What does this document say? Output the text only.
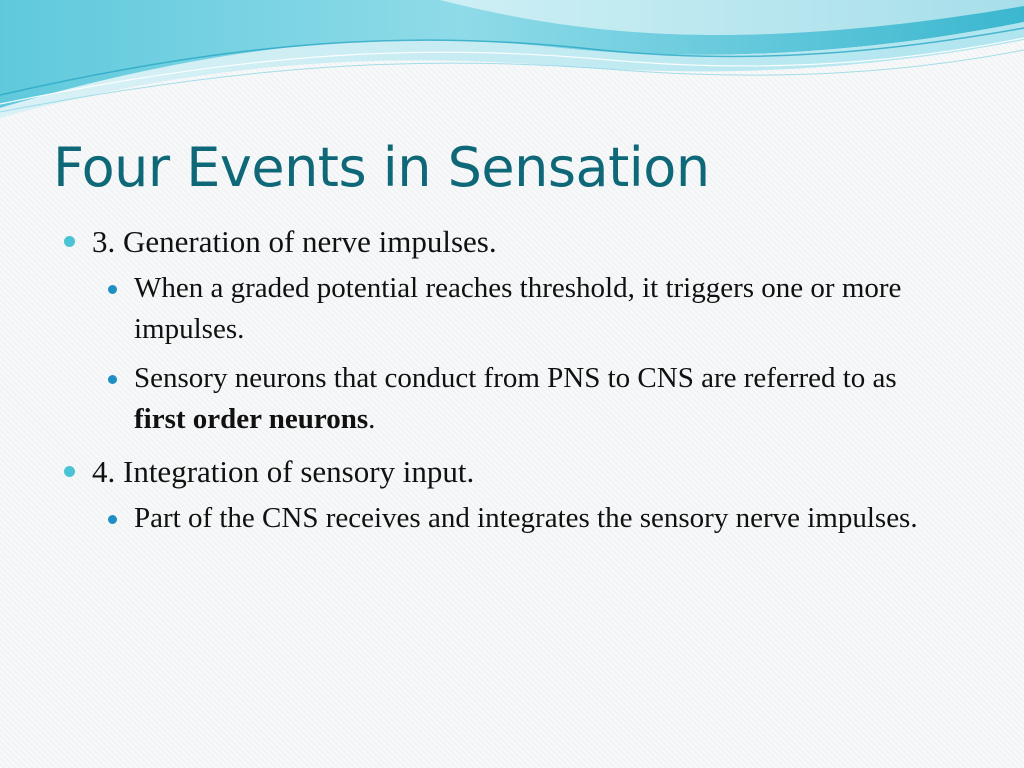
Four Events in Sensation
3. Generation of nerve impulses.
When a graded potential reaches threshold, it triggers one or more impulses.
Sensory neurons that conduct from PNS to CNS are referred to as first order neurons.
4. Integration of sensory input.
Part of the CNS receives and integrates the sensory nerve impulses.
